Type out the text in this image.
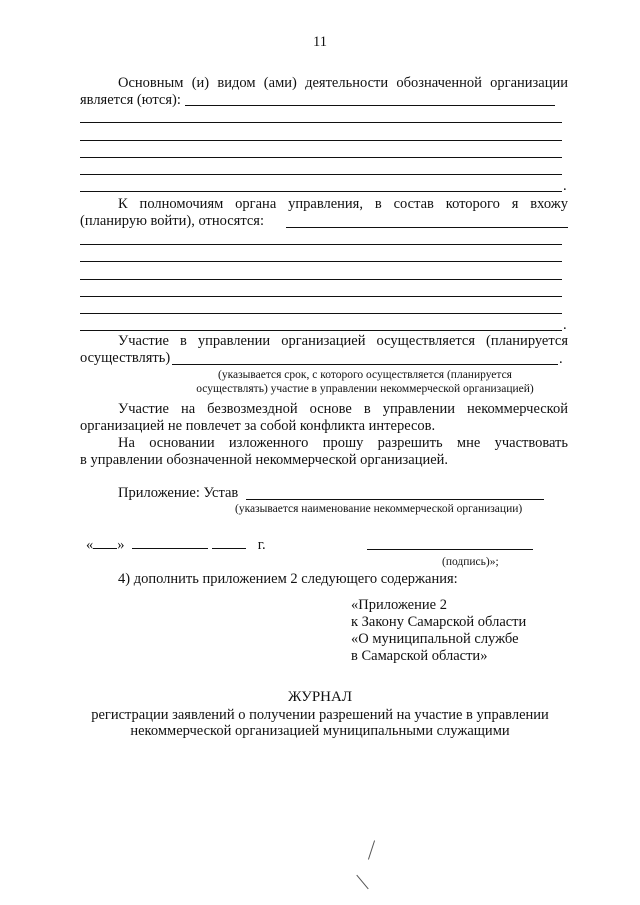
11
Основным (и) видом (ами) деятельности обозначенной организации
является (ются):
.
К полномочиям органа управления, в состав которого я вхожу
(планирую войти), относятся:
.
Участие в управлении организацией осуществляется (планируется
осуществлять)	.
(указывается срок, с которого осуществляется (планируется
осуществлять) участие в управлении некоммерческой организацией)
Участие на безвозмездной основе в управлении некоммерческой
организацией не повлечет за собой конфликта интересов.
На основании изложенного прошу разрешить мне участвовать
в управлении обозначенной некоммерческой организацией.
Приложение: Устав
(указывается наименование некоммерческой организации)
« »	г.
(подпись)»;
4) дополнить приложением 2 следующего содержания:
«Приложение 2
к Закону Самарской области
«О муниципальной службе
в Самарской области»
ЖУРНАЛ
регистрации заявлений о получении разрешений на участие в управлении
некоммерческой организацией муниципальными служащими
